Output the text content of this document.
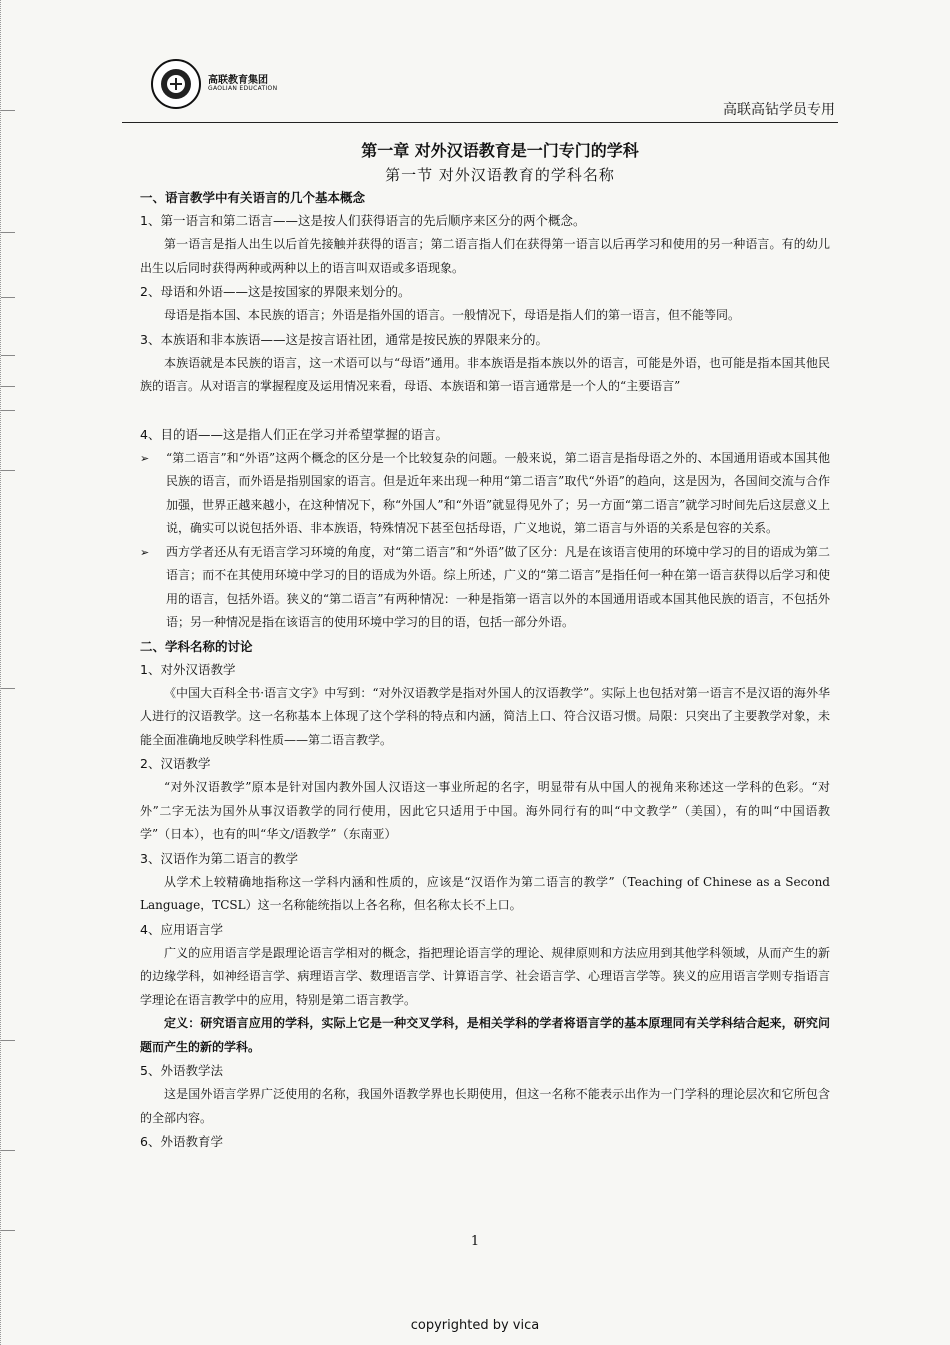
高联教育集团
GAOLIAN EDUCATION
高联高钻学员专用
第一章 对外汉语教育是一门专门的学科
第一节 对外汉语教育的学科名称
一、语言教学中有关语言的几个基本概念
1、第一语言和第二语言——这是按人们获得语言的先后顺序来区分的两个概念。
第一语言是指人出生以后首先接触并获得的语言；第二语言指人们在获得第一语言以后再学习和使用的另一种语言。有的幼儿出生以后同时获得两种或两种以上的语言叫双语或多语现象。
2、母语和外语——这是按国家的界限来划分的。
母语是指本国、本民族的语言；外语是指外国的语言。一般情况下，母语是指人们的第一语言，但不能等同。
3、本族语和非本族语——这是按言语社团，通常是按民族的界限来分的。
本族语就是本民族的语言，这一术语可以与“母语”通用。非本族语是指本族以外的语言，可能是外语，也可能是指本国其他民族的语言。从对语言的掌握程度及运用情况来看，母语、本族语和第一语言通常是一个人的“主要语言”
4、目的语——这是指人们正在学习并希望掌握的语言。
➢ “第二语言”和“外语”这两个概念的区分是一个比较复杂的问题。一般来说，第二语言是指母语之外的、本国通用语或本国其他民族的语言，而外语是指别国家的语言。但是近年来出现一种用“第二语言”取代“外语”的趋向，这是因为，各国间交流与合作加强，世界正越来越小，在这种情况下，称“外国人”和“外语”就显得见外了；另一方面“第二语言”就学习时间先后这层意义上说，确实可以说包括外语、非本族语，特殊情况下甚至包括母语，广义地说，第二语言与外语的关系是包容的关系。
➢ 西方学者还从有无语言学习环境的角度，对“第二语言”和“外语”做了区分：凡是在该语言使用的环境中学习的目的语成为第二语言；而不在其使用环境中学习的目的语成为外语。综上所述，广义的“第二语言”是指任何一种在第一语言获得以后学习和使用的语言，包括外语。狭义的“第二语言”有两种情况：一种是指第一语言以外的本国通用语或本国其他民族的语言，不包括外语；另一种情况是指在该语言的使用环境中学习的目的语，包括一部分外语。
二、学科名称的讨论
1、对外汉语教学
《中国大百科全书·语言文字》中写到：“对外汉语教学是指对外国人的汉语教学”。实际上也包括对第一语言不是汉语的海外华人进行的汉语教学。这一名称基本上体现了这个学科的特点和内涵，简洁上口、符合汉语习惯。局限：只突出了主要教学对象，未能全面准确地反映学科性质——第二语言教学。
2、汉语教学
“对外汉语教学”原本是针对国内教外国人汉语这一事业所起的名字，明显带有从中国人的视角来称述这一学科的色彩。“对外”二字无法为国外从事汉语教学的同行使用，因此它只适用于中国。海外同行有的叫“中文教学”（美国），有的叫“中国语教学”（日本），也有的叫“华文/语教学”（东南亚）
3、汉语作为第二语言的教学
从学术上较精确地指称这一学科内涵和性质的，应该是“汉语作为第二语言的教学”（Teaching of Chinese as a Second Language，TCSL）这一名称能统指以上各名称，但名称太长不上口。
4、应用语言学
广义的应用语言学是跟理论语言学相对的概念，指把理论语言学的理论、规律原则和方法应用到其他学科领域，从而产生的新的边缘学科，如神经语言学、病理语言学、数理语言学、计算语言学、社会语言学、心理语言学等。狭义的应用语言学则专指语言学理论在语言教学中的应用，特别是第二语言教学。
定义：研究语言应用的学科，实际上它是一种交叉学科，是相关学科的学者将语言学的基本原理同有关学科结合起来，研究问题而产生的新的学科。
5、外语教学法
这是国外语言学界广泛使用的名称，我国外语教学界也长期使用，但这一名称不能表示出作为一门学科的理论层次和它所包含的全部内容。
6、外语教育学
1
copyrighted by vica
